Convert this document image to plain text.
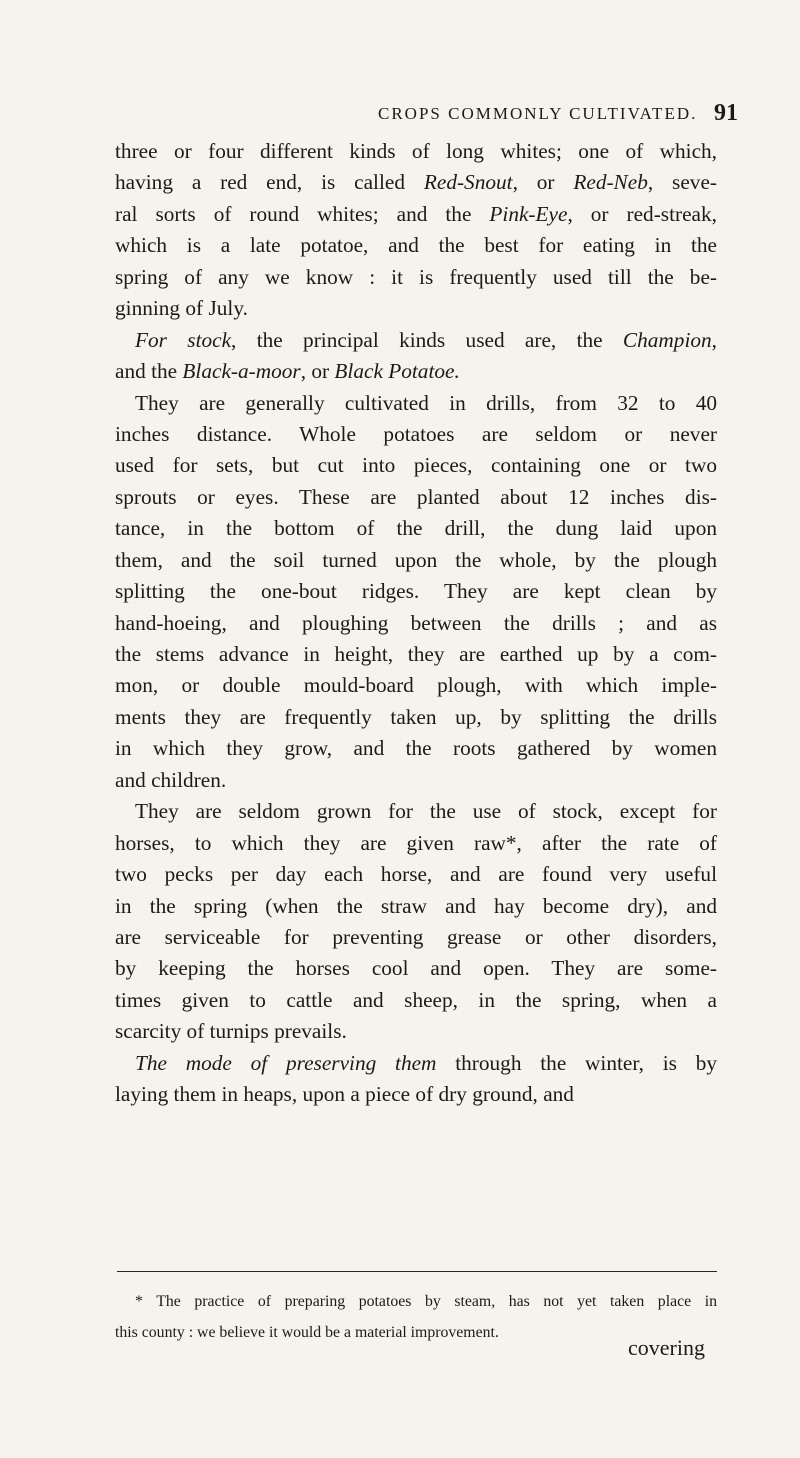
CROPS COMMONLY CULTIVATED. 91
three or four different kinds of long whites; one of which,
having a red end, is called Red-Snout, or Red-Neb, seve-
ral sorts of round whites; and the Pink-Eye, or red-streak,
which is a late potatoe, and the best for eating in the
spring of any we know : it is frequently used till the be-
ginning of July.
For stock, the principal kinds used are, the Champion,
and the Black-a-moor, or Black Potatoe.
They are generally cultivated in drills, from 32 to 40
inches distance. Whole potatoes are seldom or never
used for sets, but cut into pieces, containing one or two
sprouts or eyes. These are planted about 12 inches dis-
tance, in the bottom of the drill, the dung laid upon
them, and the soil turned upon the whole, by the plough
splitting the one-bout ridges. They are kept clean by
hand-hoeing, and ploughing between the drills ; and as
the stems advance in height, they are earthed up by a com-
mon, or double mould-board plough, with which imple-
ments they are frequently taken up, by splitting the drills
in which they grow, and the roots gathered by women
and children.
They are seldom grown for the use of stock, except for
horses, to which they are given raw*, after the rate of
two pecks per day each horse, and are found very useful
in the spring (when the straw and hay become dry), and
are serviceable for preventing grease or other disorders,
by keeping the horses cool and open. They are some-
times given to cattle and sheep, in the spring, when a
scarcity of turnips prevails.
The mode of preserving them through the winter, is by
laying them in heaps, upon a piece of dry ground, and
* The practice of preparing potatoes by steam, has not yet taken place in
this county : we believe it would be a material improvement.
covering
